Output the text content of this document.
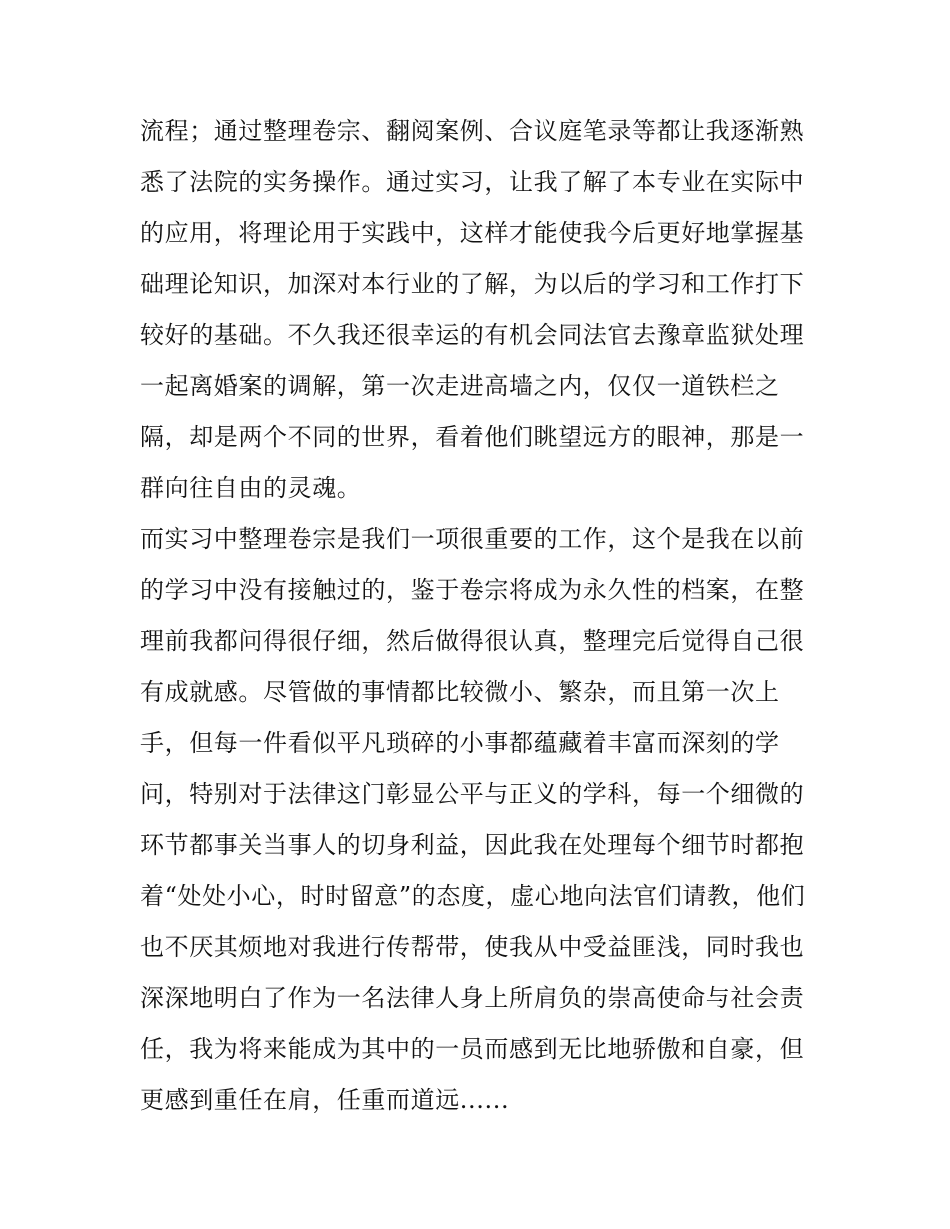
流程；通过整理卷宗、翻阅案例、合议庭笔录等都让我逐渐熟
悉了法院的实务操作。通过实习，让我了解了本专业在实际中
的应用，将理论用于实践中，这样才能使我今后更好地掌握基
础理论知识，加深对本行业的了解，为以后的学习和工作打下
较好的基础。不久我还很幸运的有机会同法官去豫章监狱处理
一起离婚案的调解，第一次走进高墙之内，仅仅一道铁栏之
隔，却是两个不同的世界，看着他们眺望远方的眼神，那是一
群向往自由的灵魂。
而实习中整理卷宗是我们一项很重要的工作，这个是我在以前
的学习中没有接触过的，鉴于卷宗将成为永久性的档案，在整
理前我都问得很仔细，然后做得很认真，整理完后觉得自己很
有成就感。尽管做的事情都比较微小、繁杂，而且第一次上
手，但每一件看似平凡琐碎的小事都蕴藏着丰富而深刻的学
问，特别对于法律这门彰显公平与正义的学科，每一个细微的
环节都事关当事人的切身利益，因此我在处理每个细节时都抱
着“处处小心，时时留意”的态度，虚心地向法官们请教，他们
也不厌其烦地对我进行传帮带，使我从中受益匪浅，同时我也
深深地明白了作为一名法律人身上所肩负的崇高使命与社会责
任，我为将来能成为其中的一员而感到无比地骄傲和自豪，但
更感到重任在肩，任重而道远......
